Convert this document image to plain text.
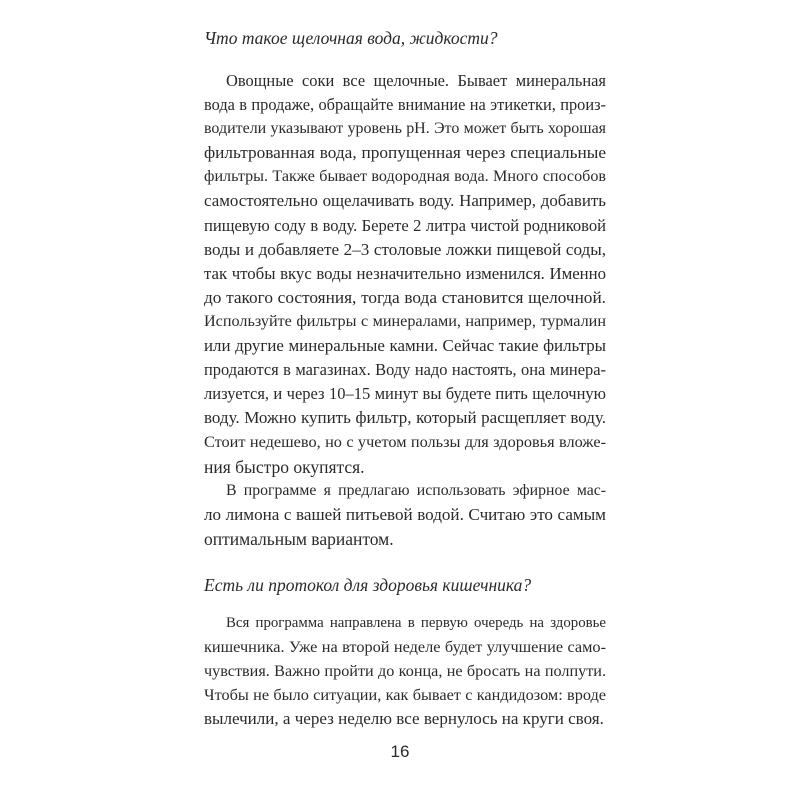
Что такое щелочная вода, жидкости?

Овощные соки все щелочные. Бывает минеральная
вода в продаже, обращайте внимание на этикетки, произ-
водители указывают уровень рН. Это может быть хорошая
фильтрованная вода, пропущенная через специальные
фильтры. Также бывает водородная вода. Много способов
самостоятельно ощелачивать воду. Например, добавить
пищевую соду в воду. Берете 2 литра чистой родниковой
воды и добавляете 2–3 столовые ложки пищевой соды,
так чтобы вкус воды незначительно изменился. Именно
до такого состояния, тогда вода становится щелочной.
Используйте фильтры с минералами, например, турмалин
или другие минеральные камни. Сейчас такие фильтры
продаются в магазинах. Воду надо настоять, она минера-
лизуется, и через 10–15 минут вы будете пить щелочную
воду. Можно купить фильтр, который расщепляет воду.
Стоит недешево, но с учетом пользы для здоровья вложе-
ния быстро окупятся.
В программе я предлагаю использовать эфирное мас-
ло лимона с вашей питьевой водой. Считаю это самым
оптимальным вариантом.

Есть ли протокол для здоровья кишечника?

Вся программа направлена в первую очередь на здоровье
кишечника. Уже на второй неделе будет улучшение само-
чувствия. Важно пройти до конца, не бросать на полпути.
Чтобы не было ситуации, как бывает с кандидозом: вроде
вылечили, а через неделю все вернулось на круги своя.
16
